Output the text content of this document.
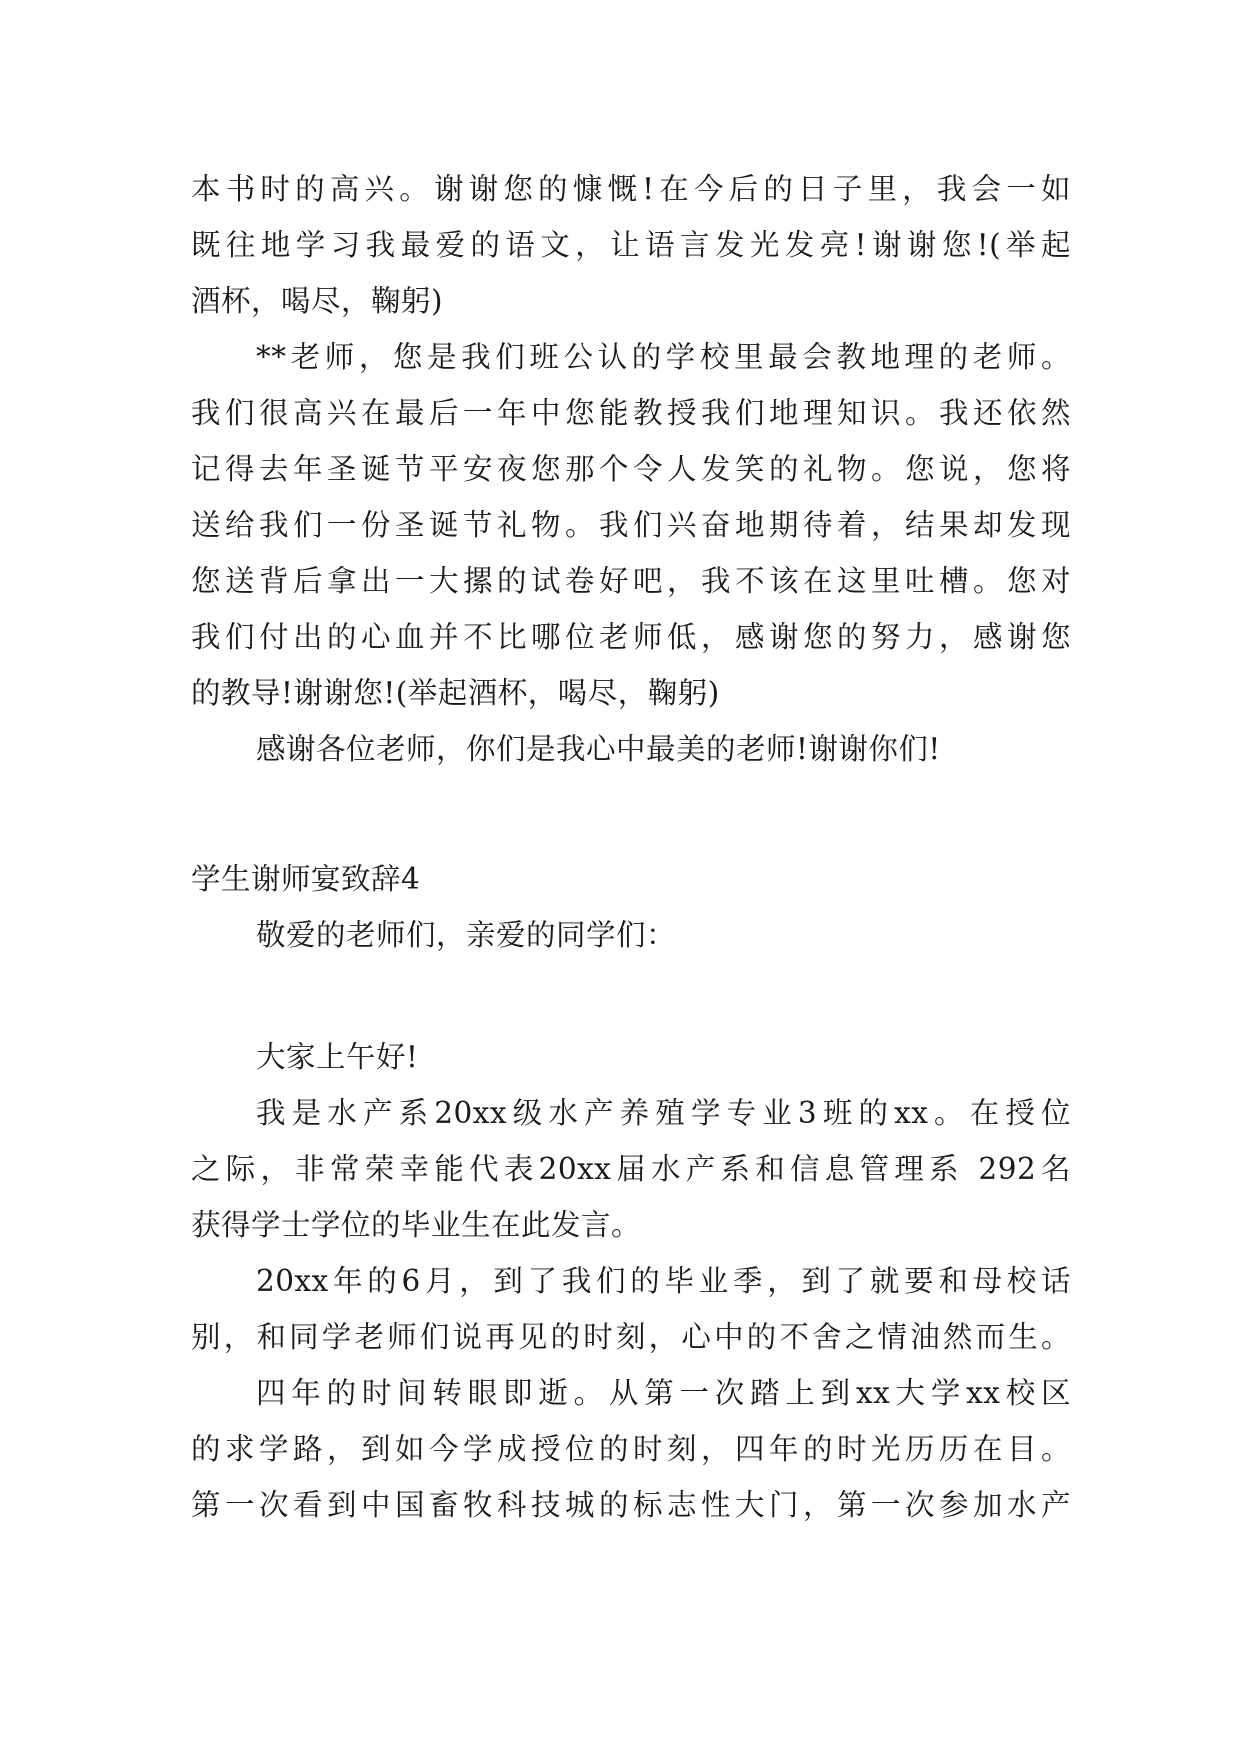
本书时的高兴。谢谢您的慷慨!在今后的日子里，我会一如
既往地学习我最爱的语文，让语言发光发亮!谢谢您!(举起
酒杯，喝尽，鞠躬)
**老师，您是我们班公认的学校里最会教地理的老师。
我们很高兴在最后一年中您能教授我们地理知识。我还依然
记得去年圣诞节平安夜您那个令人发笑的礼物。您说，您将
送给我们一份圣诞节礼物。我们兴奋地期待着，结果却发现
您送背后拿出一大摞的试卷好吧，我不该在这里吐槽。您对
我们付出的心血并不比哪位老师低，感谢您的努力，感谢您
的教导!谢谢您!(举起酒杯，喝尽，鞠躬)
感谢各位老师，你们是我心中最美的老师!谢谢你们!
学生谢师宴致辞4
敬爱的老师们，亲爱的同学们：
大家上午好!
我是水产系20xx级水产养殖学专业3班的xx。在授位
之际，非常荣幸能代表20xx届水产系和信息管理系 292名
获得学士学位的毕业生在此发言。
20xx年的6月，到了我们的毕业季，到了就要和母校话
别，和同学老师们说再见的时刻，心中的不舍之情油然而生。
四年的时间转眼即逝。从第一次踏上到xx大学xx校区
的求学路，到如今学成授位的时刻，四年的时光历历在目。
第一次看到中国畜牧科技城的标志性大门，第一次参加水产
